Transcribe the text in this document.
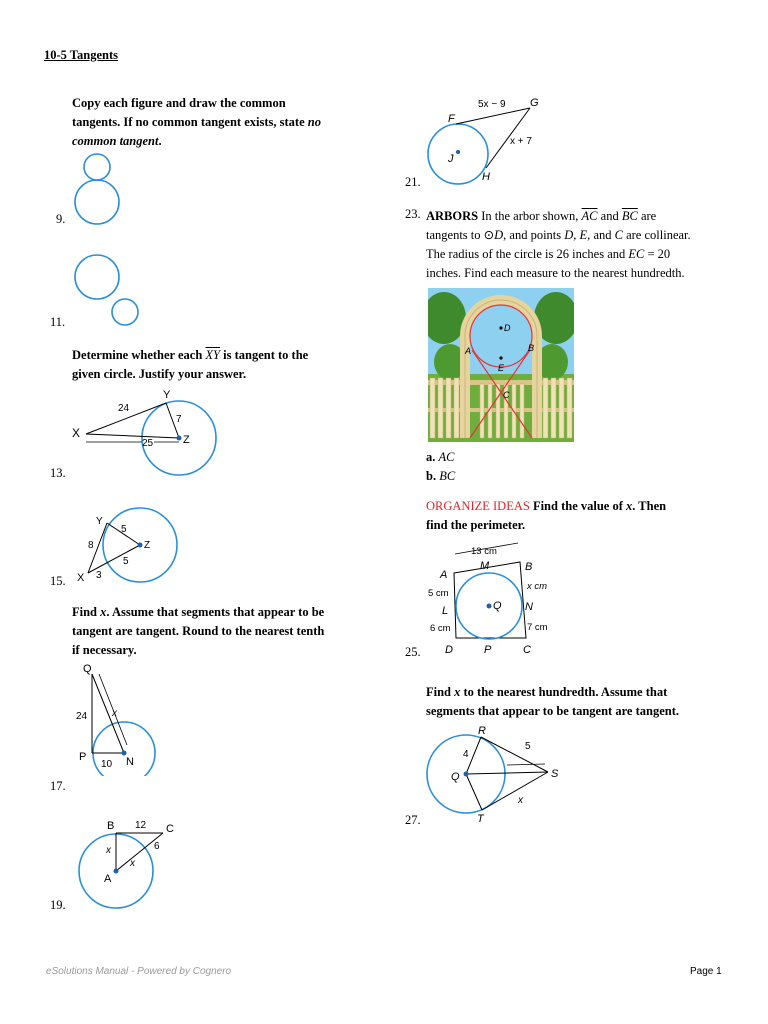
10-5 Tangents
Copy each figure and draw the common
tangents. If no common tangent exists, state no
common tangent.
9.
11.
Determine whether each $\overline{XY}$ is tangent to the
given circle. Justify your answer.
13.
X
Y
Z
24
7
25
15.
Y
Z
X
8
5
5
3
Find x. Assume that segments that appear to be
tangent are tangent. Round to the nearest tenth
if necessary.
17.
Q
P	N
24
10
x
19.
B	C
A
12
6
x
x
21.
F
G
H
J
5x − 9
x + 7
23. ARBORS In the arbor shown, $\overline{AC}$ and $\overline{BC}$ are
tangents to ⊙D, and points D, E, and C are collinear.
The radius of the circle is 26 inches and EC = 20
inches. Find each measure to the nearest hundredth.
D
A	B
E
C
a. AC
b. BC
ORGANIZE IDEAS Find the value of x. Then
find the perimeter.
25.
13 cm
A
M	B
5 cm
x cm
L	Q N
6 cm	7 cm
D	P	C
Find x to the nearest hundredth. Assume that
segments that appear to be tangent are tangent.
27.
R
Q	S
T
4
5
x
eSolutions Manual - Powered by Cognero	Page 1
